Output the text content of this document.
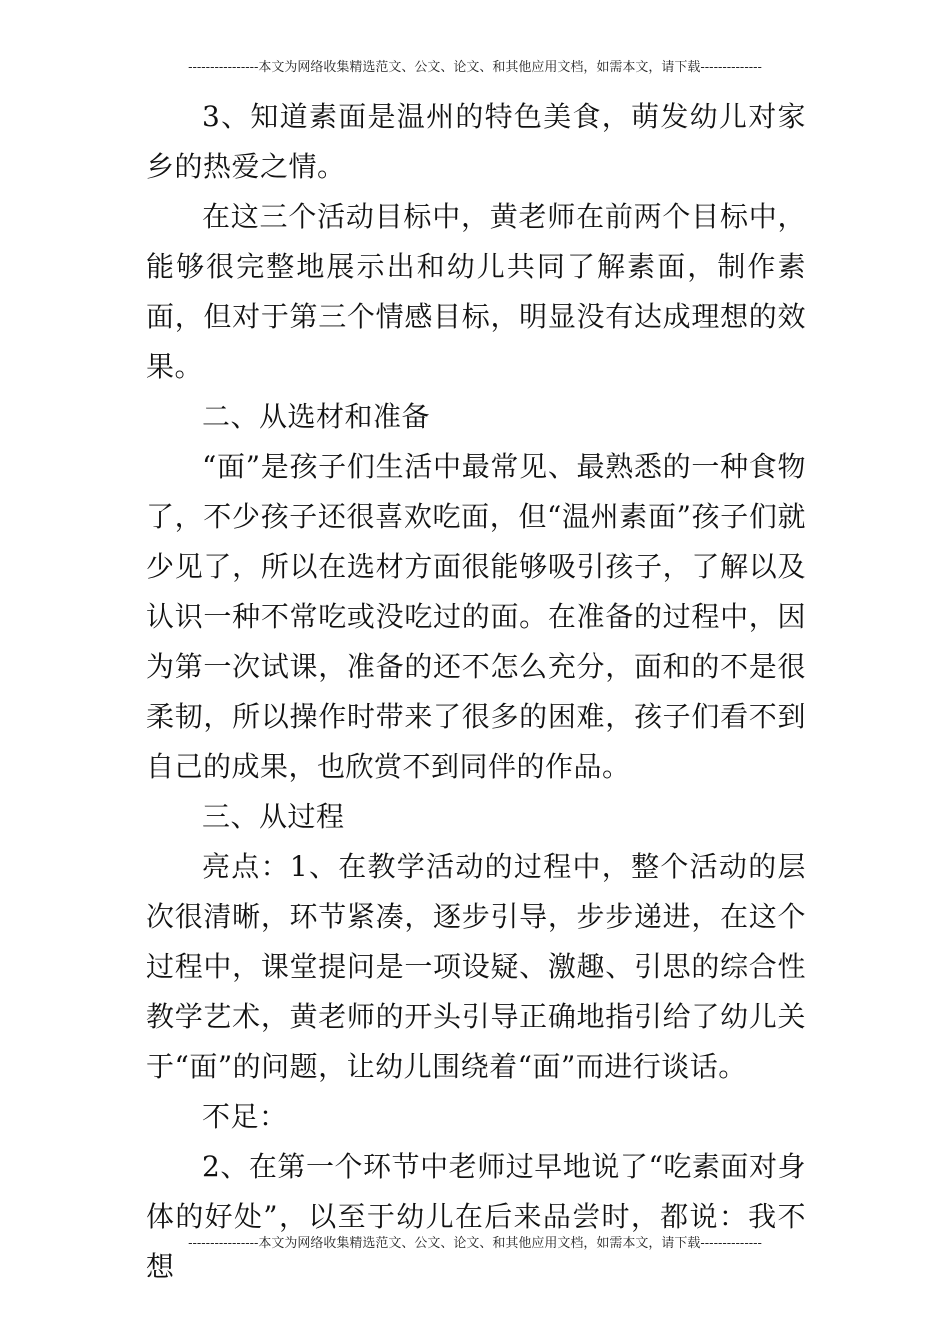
----------------本文为网络收集精选范文、公文、论文、和其他应用文档，如需本文，请下载--------------

3、知道素面是温州的特色美食，萌发幼儿对家乡的热爱之情。

在这三个活动目标中，黄老师在前两个目标中，能够很完整地展示出和幼儿共同了解素面，制作素面，但对于第三个情感目标，明显没有达成理想的效果。

二、从选材和准备

“面”是孩子们生活中最常见、最熟悉的一种食物了，不少孩子还很喜欢吃面，但“温州素面”孩子们就少见了，所以在选材方面很能够吸引孩子，了解以及认识一种不常吃或没吃过的面。在准备的过程中，因为第一次试课，准备的还不怎么充分，面和的不是很柔韧，所以操作时带来了很多的困难，孩子们看不到自己的成果，也欣赏不到同伴的作品。

三、从过程

亮点：1、在教学活动的过程中，整个活动的层次很清晰，环节紧凑，逐步引导，步步递进，在这个过程中，课堂提问是一项设疑、激趣、引思的综合性教学艺术，黄老师的开头引导正确地指引给了幼儿关于“面”的问题，让幼儿围绕着“面”而进行谈话。

不足：

2、在第一个环节中老师过早地说了“吃素面对身体的好处”，以至于幼儿在后来品尝时，都说：我不想

----------------本文为网络收集精选范文、公文、论文、和其他应用文档，如需本文，请下载--------------
